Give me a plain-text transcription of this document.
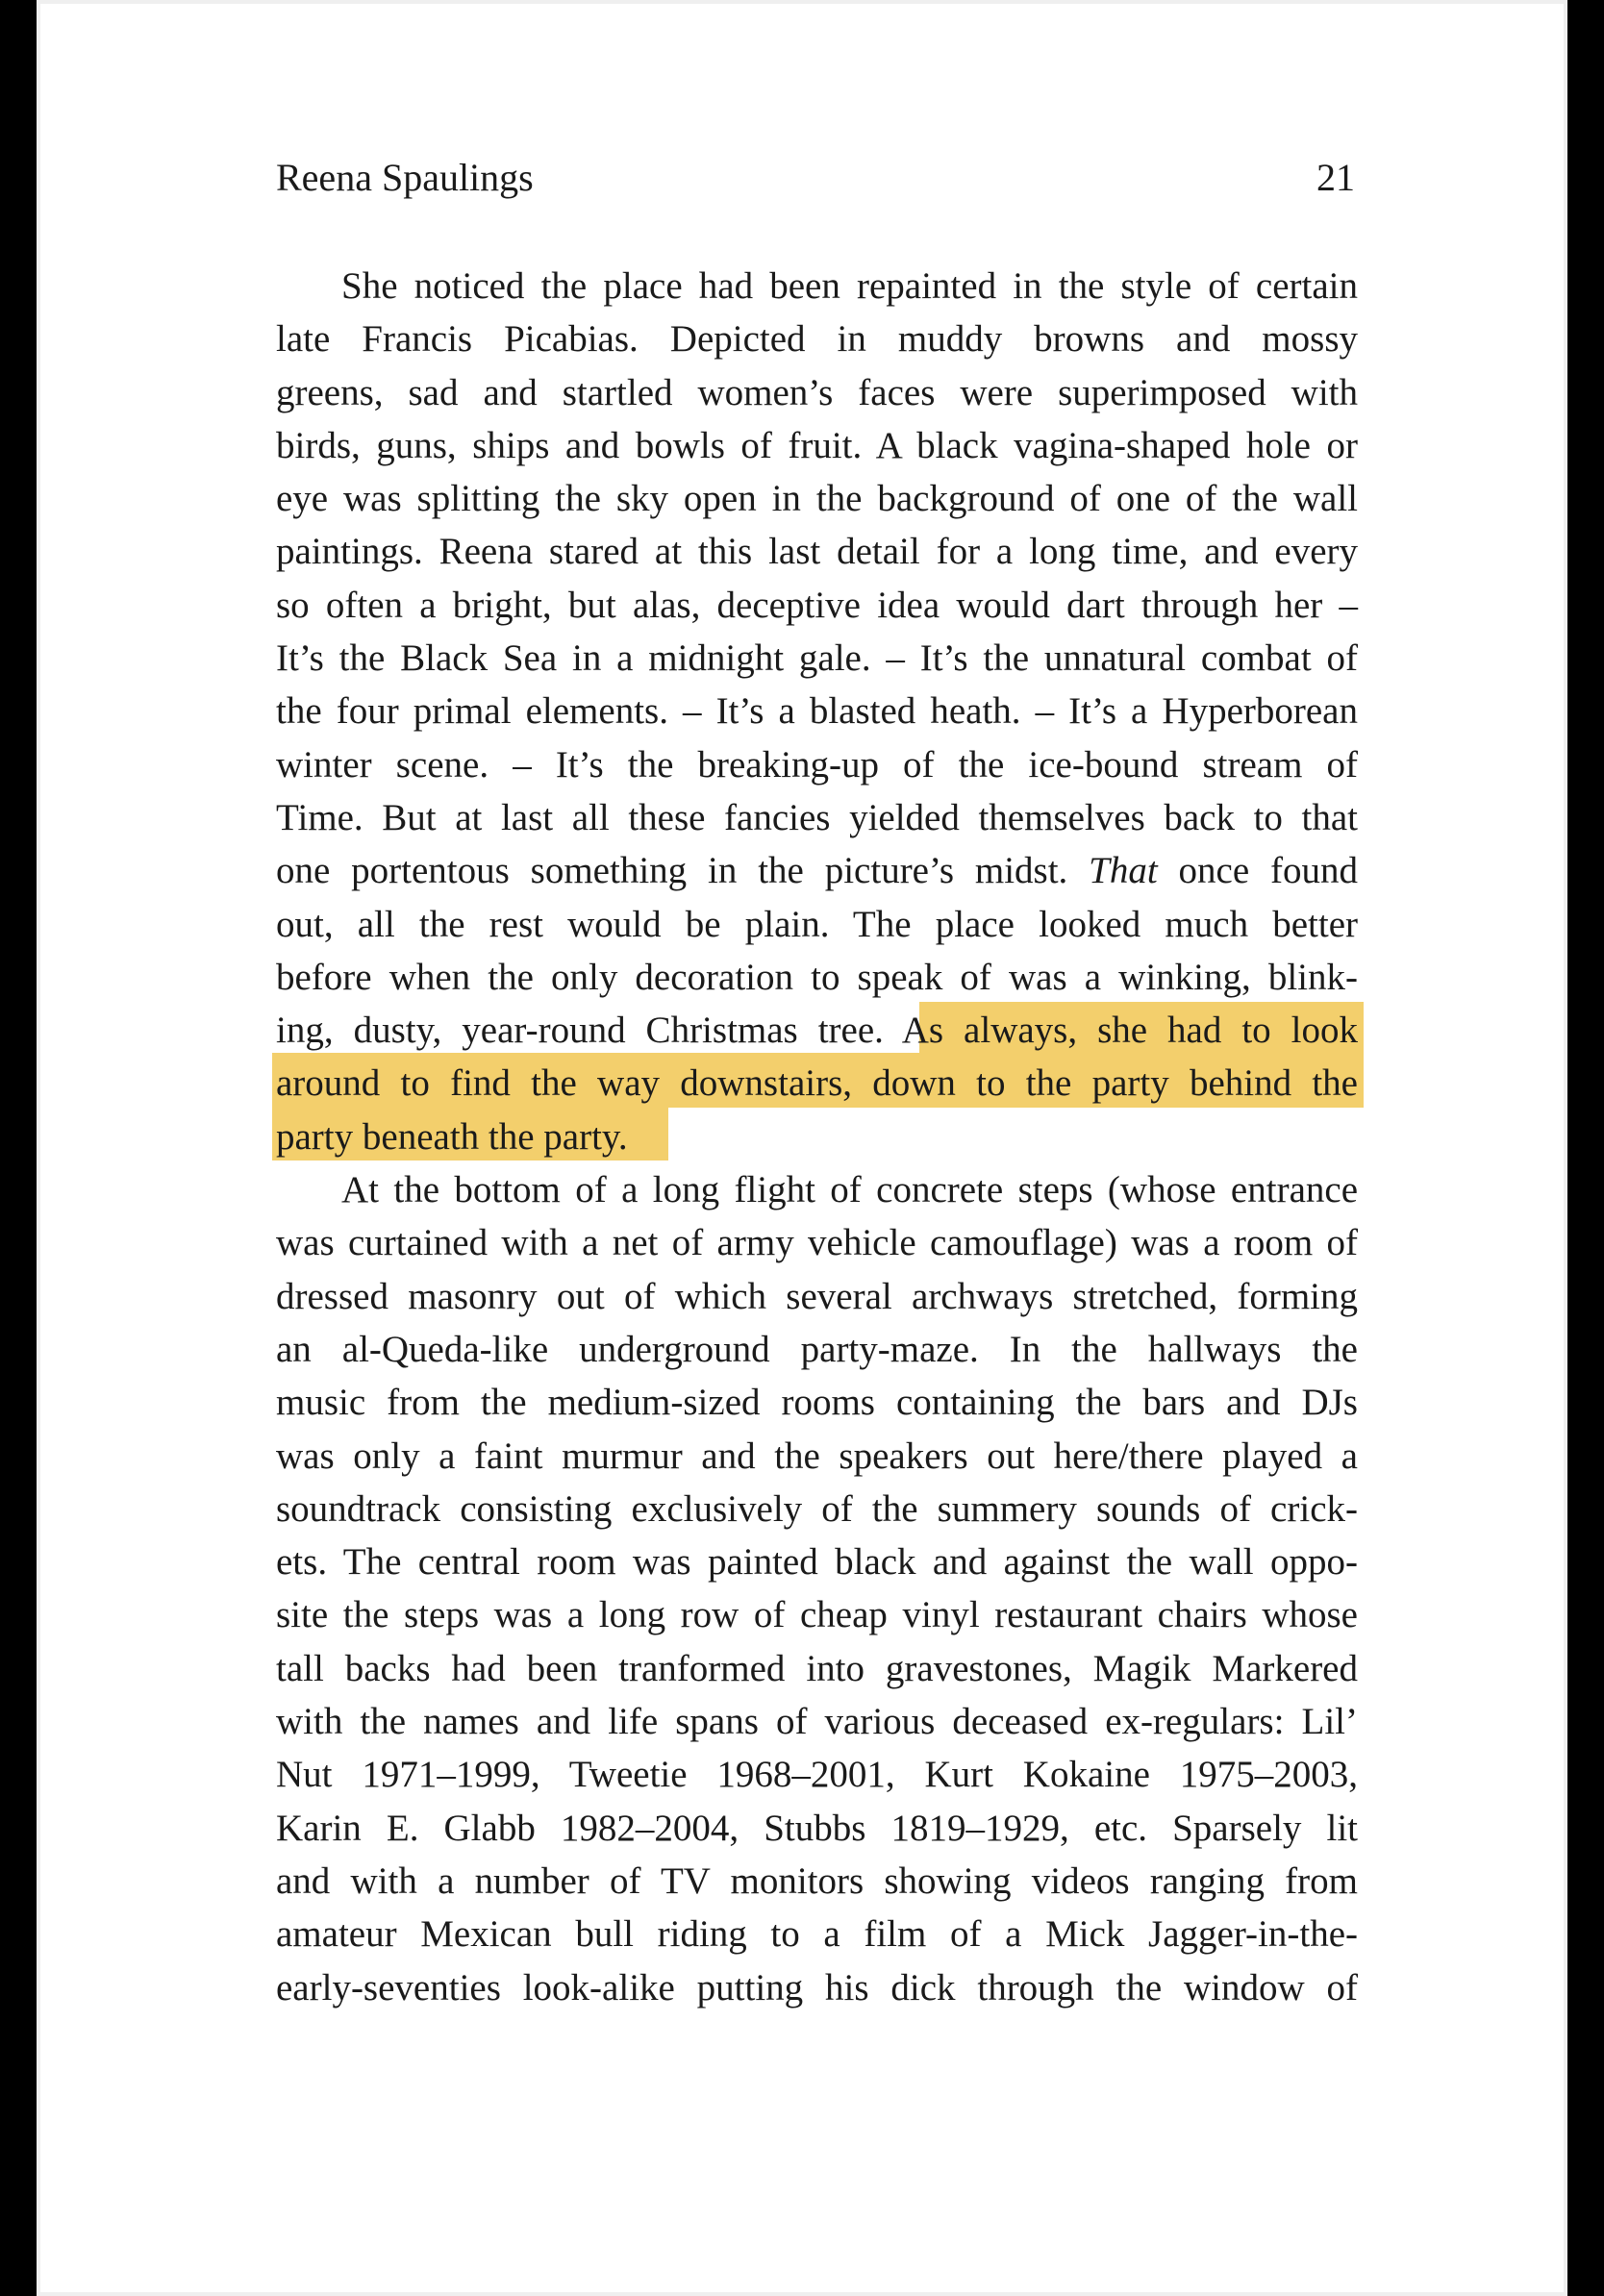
Reena Spaulings	21
She noticed the place had been repainted in the style of certain
late Francis Picabias. Depicted in muddy browns and mossy
greens, sad and startled women’s faces were superimposed with
birds, guns, ships and bowls of fruit. A black vagina-shaped hole or
eye was splitting the sky open in the background of one of the wall
paintings. Reena stared at this last detail for a long time, and every
so often a bright, but alas, deceptive idea would dart through her –
It’s the Black Sea in a midnight gale. – It’s the unnatural combat of
the four primal elements. – It’s a blasted heath. – It’s a Hyperborean
winter scene. – It’s the breaking-up of the ice-bound stream of
Time. But at last all these fancies yielded themselves back to that
one portentous something in the picture’s midst. That once found
out, all the rest would be plain. The place looked much better
before when the only decoration to speak of was a winking, blink-
ing, dusty, year-round Christmas tree. As always, she had to look
around to find the way downstairs, down to the party behind the
party beneath the party.
At the bottom of a long flight of concrete steps (whose entrance
was curtained with a net of army vehicle camouflage) was a room of
dressed masonry out of which several archways stretched, forming
an al-Queda-like underground party-maze. In the hallways the
music from the medium-sized rooms containing the bars and DJs
was only a faint murmur and the speakers out here/there played a
soundtrack consisting exclusively of the summery sounds of crick-
ets. The central room was painted black and against the wall oppo-
site the steps was a long row of cheap vinyl restaurant chairs whose
tall backs had been tranformed into gravestones, Magik Markered
with the names and life spans of various deceased ex-regulars: Lil’
Nut 1971–1999, Tweetie 1968–2001, Kurt Kokaine 1975–2003,
Karin E. Glabb 1982–2004, Stubbs 1819–1929, etc. Sparsely lit
and with a number of TV monitors showing videos ranging from
amateur Mexican bull riding to a film of a Mick Jagger-in-the-
early-seventies look-alike putting his dick through the window of
